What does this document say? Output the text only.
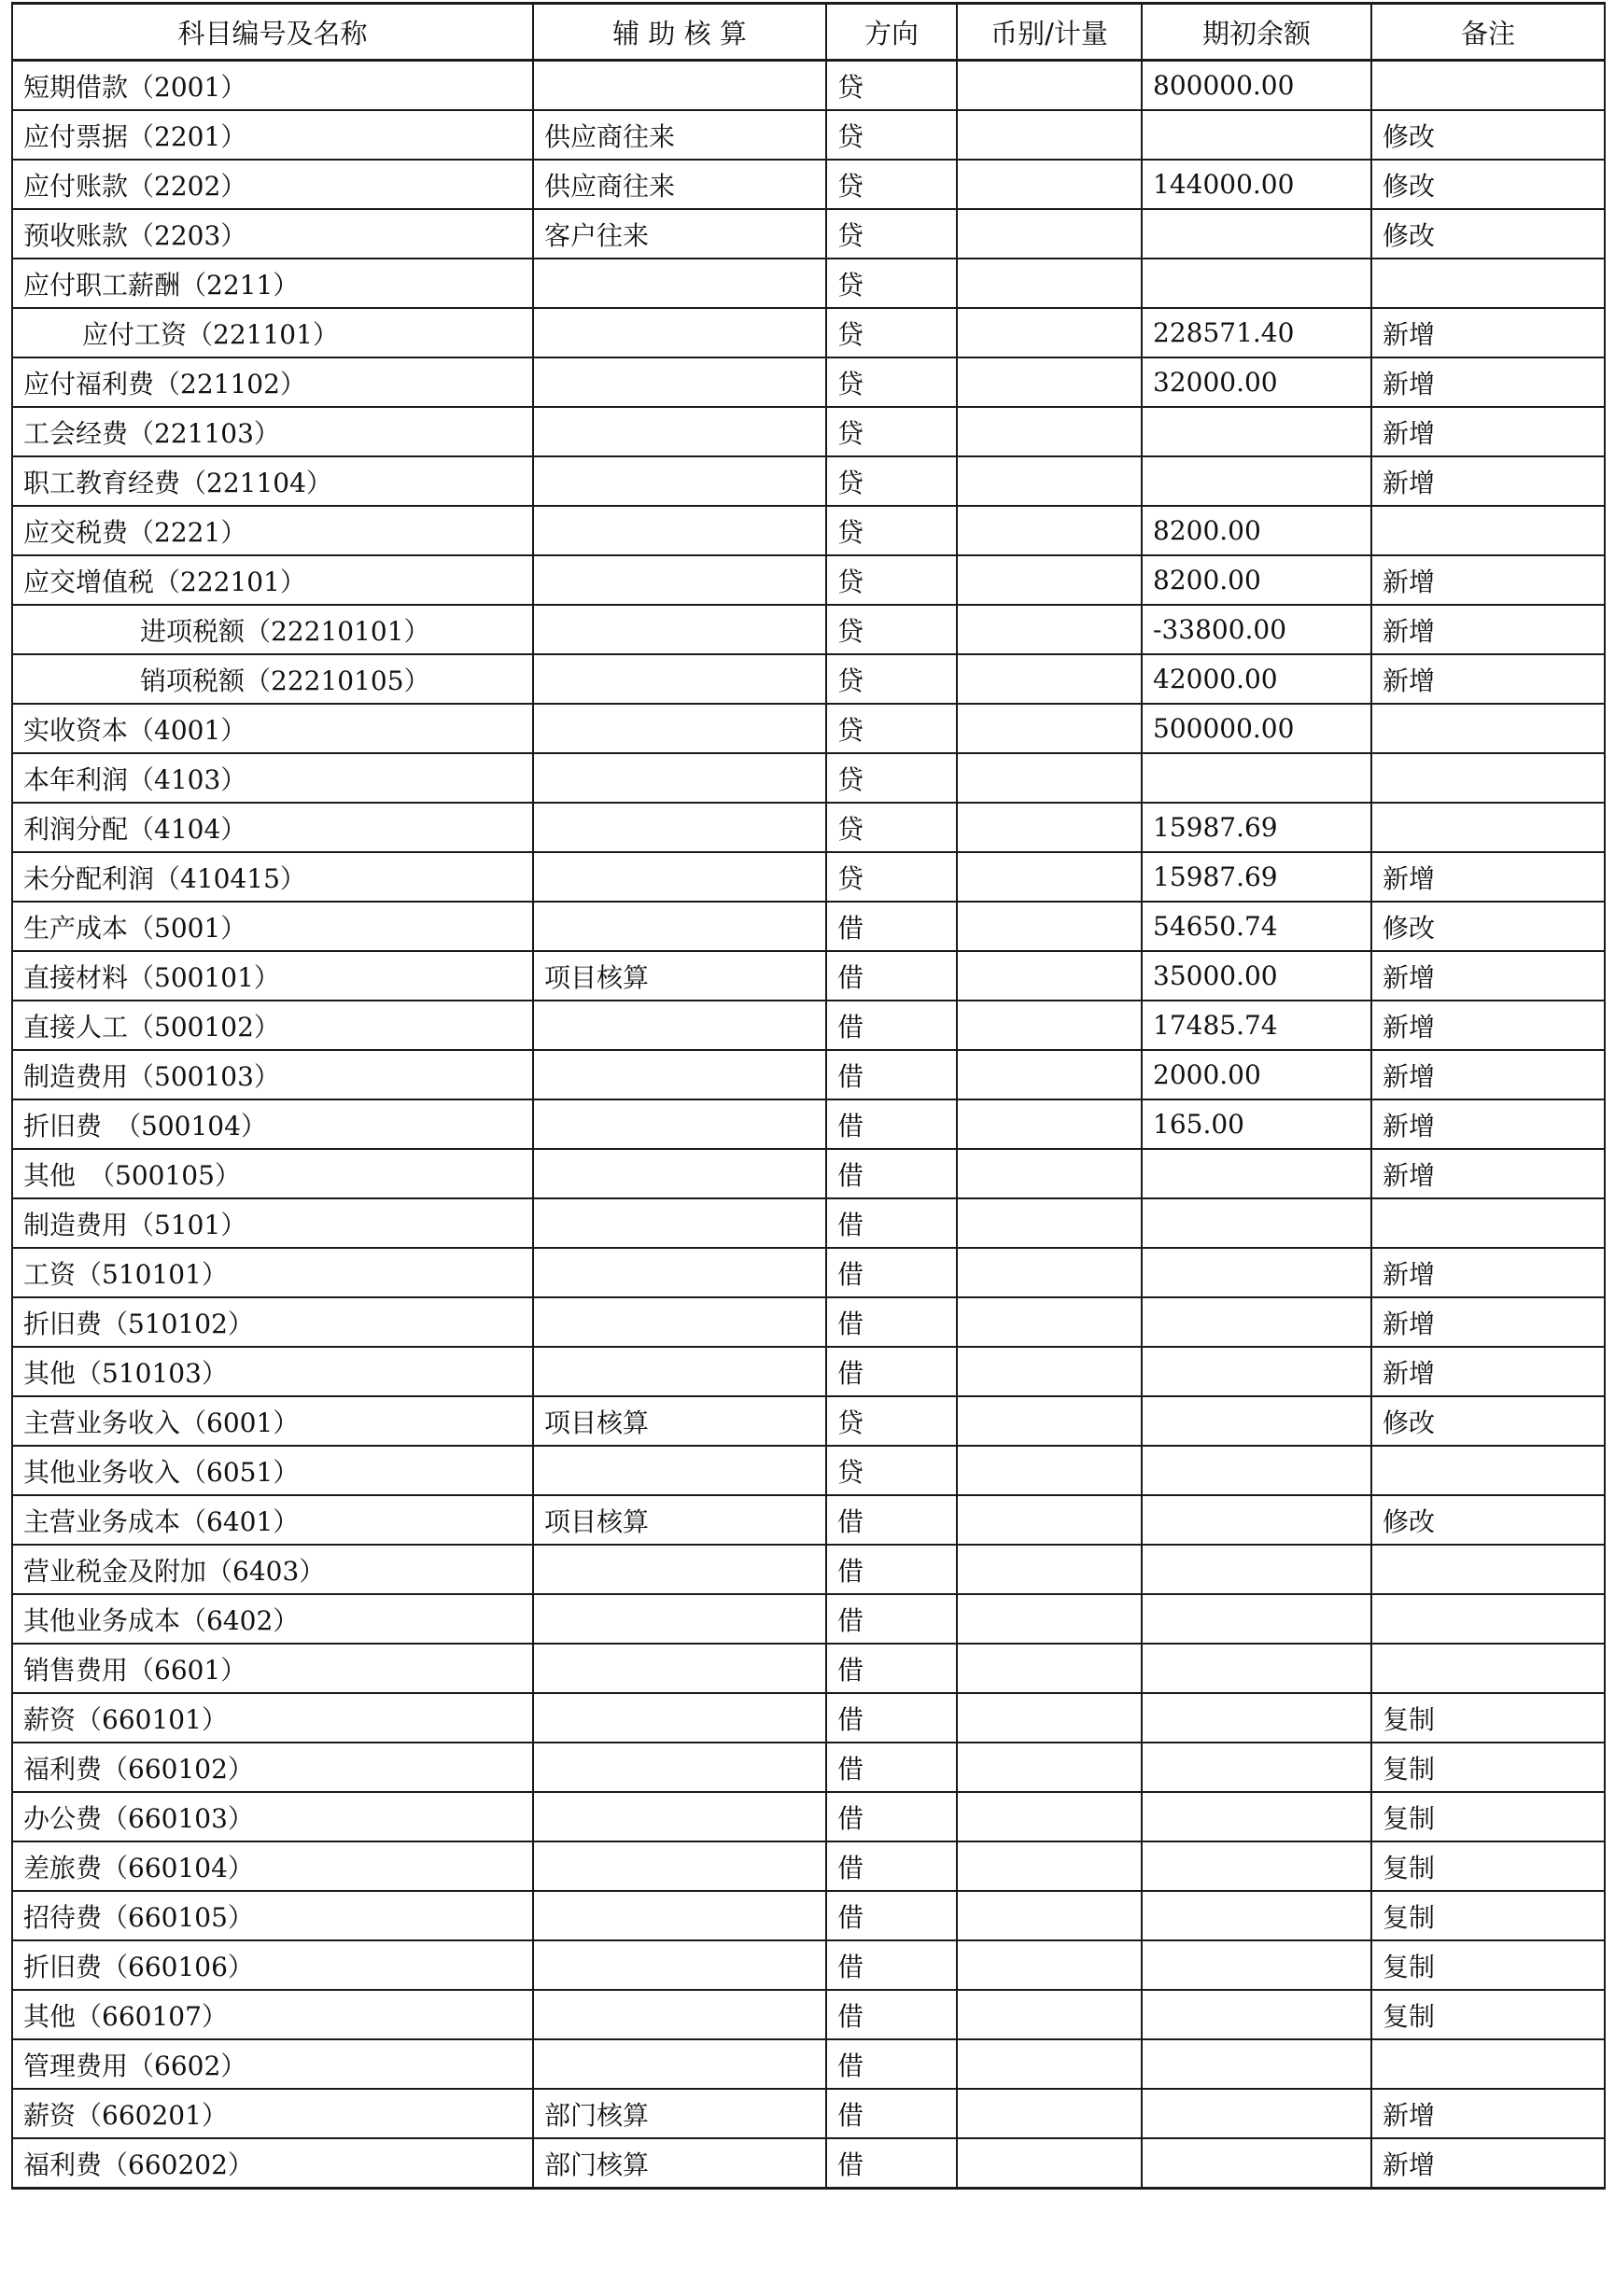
科目编号及名称	辅 助 核 算	方向	币别/计量	期初余额	备注
短期借款（2001）		贷		800000.00	
应付票据（2201）	供应商往来	贷			修改
应付账款（2202）	供应商往来	贷		144000.00	修改
预收账款（2203）	客户往来	贷			修改
应付职工薪酬（2211）		贷			
应付工资（221101）		贷		228571.40	新增
应付福利费（221102）		贷		32000.00	新增
工会经费（221103）		贷			新增
职工教育经费（221104）		贷			新增
应交税费（2221）		贷		8200.00	
应交增值税（222101）		贷		8200.00	新增
进项税额（22210101）		贷		-33800.00	新增
销项税额（22210105）		贷		42000.00	新增
实收资本（4001）		贷		500000.00	
本年利润（4103）		贷			
利润分配（4104）		贷		15987.69	
未分配利润（410415）		贷		15987.69	新增
生产成本（5001）		借		54650.74	修改
直接材料（500101）	项目核算	借		35000.00	新增
直接人工（500102）		借		17485.74	新增
制造费用（500103）		借		2000.00	新增
折旧费　（500104）		借		165.00	新增
其他　（500105）		借			新增
制造费用（5101）		借			
工资（510101）		借			新增
折旧费（510102）		借			新增
其他（510103）		借			新增
主营业务收入（6001）	项目核算	贷			修改
其他业务收入（6051）		贷			
主营业务成本（6401）	项目核算	借			修改
营业税金及附加（6403）		借			
其他业务成本（6402）		借			
销售费用（6601）		借			
薪资（660101）		借			复制
福利费（660102）		借			复制
办公费（660103）		借			复制
差旅费（660104）		借			复制
招待费（660105）		借			复制
折旧费（660106）		借			复制
其他（660107）		借			复制
管理费用（6602）		借			
薪资（660201）	部门核算	借			新增
福利费（660202）	部门核算	借			新增
